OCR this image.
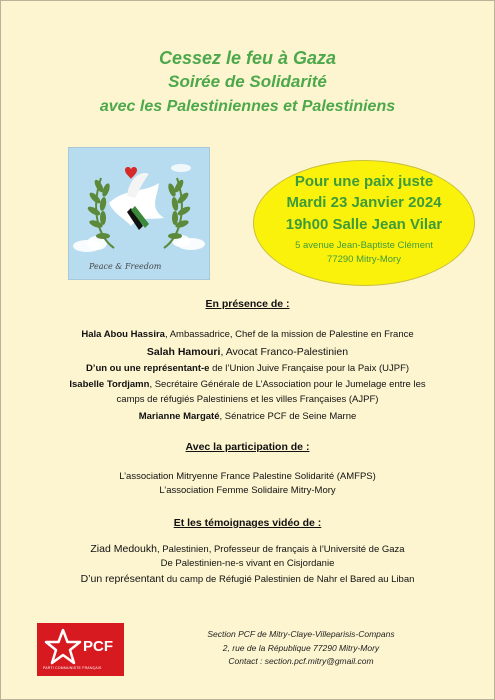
Cessez le feu à Gaza
Soirée de Solidarité
avec les Palestiniennes et Palestiniens
Peace & Freedom
Pour une paix juste
Mardi 23 Janvier 2024
19h00 Salle Jean Vilar
5 avenue Jean-Baptiste Clément
77290 Mitry-Mory
En présence de :
Hala Abou Hassira, Ambassadrice, Chef de la mission de Palestine en France
Salah Hamouri, Avocat Franco-Palestinien
D’un ou une représentant-e de l’Union Juive Française pour la Paix (UJPF)
Isabelle Tordjamn, Secrétaire Générale de L’Association pour le Jumelage entre les
camps de réfugiés Palestiniens et les villes Françaises (AJPF)
Marianne Margaté, Sénatrice PCF de Seine Marne
Avec la participation de :
L’association Mitryenne France Palestine Solidarité (AMFPS)
L’association Femme Solidaire Mitry-Mory
Et les témoignages vidéo de :
Ziad Medoukh, Palestinien, Professeur de français à l’Université de Gaza
De Palestinien-ne-s vivant en Cisjordanie
D’un représentant du camp de Réfugié Palestinien de Nahr el Bared au Liban
PCF
PARTI COMMUNISTE FRANÇAIS
Section PCF de Mitry-Claye-Villeparisis-Compans
2, rue de la République 77290 Mitry-Mory
Contact : section.pcf.mitry@gmail.com
